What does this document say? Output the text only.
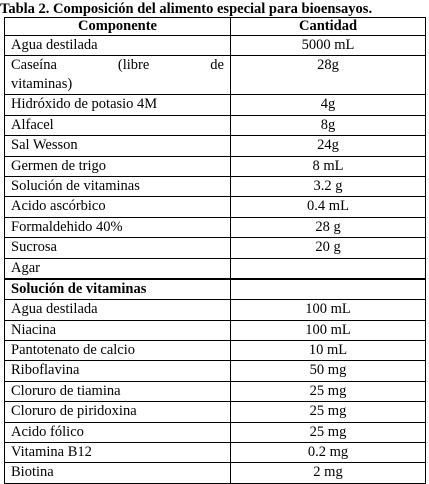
Tabla 2. Composición del alimento especial para bioensayos.
Componente	Cantidad
Agua destilada	5000 mL
Caseína (libre de
vitaminas)	28g
Hidróxido de potasio 4M	4g
Alfacel	8g
Sal Wesson	24g
Germen de trigo	8 mL
Solución de vitaminas	3.2 g
Acido ascórbico	0.4 mL
Formaldehido 40%	28 g
Sucrosa	20 g
Agar	
Solución de vitaminas	
Agua destilada	100 mL
Niacina	100 mL
Pantotenato de calcio	10 mL
Riboflavina	50 mg
Cloruro de tiamina	25 mg
Cloruro de piridoxina	25 mg
Acido fólico	25 mg
Vitamina B12	0.2 mg
Biotina	2 mg
